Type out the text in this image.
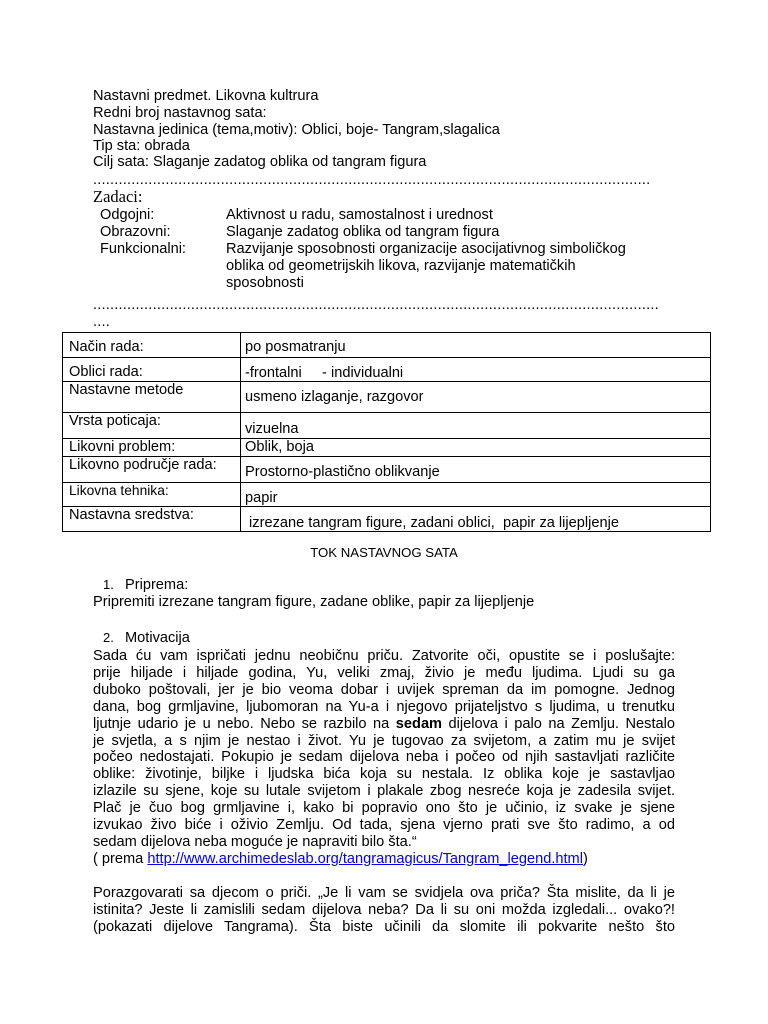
Nastavni predmet. Likovna kultrura
Redni broj nastavnog sata:
Nastavna jedinica (tema,motiv): Oblici, boje- Tangram,slagalica
Tip sta: obrada
Cilj sata: Slaganje zadatog oblika od tangram figura
...................................................................................................................................
Zadaci:
Odgojni:	Aktivnost u radu, samostalnost i urednost
Obrazovni:	Slaganje zadatog oblika od tangram figura
Funkcionalni:	Razvijanje sposobnosti organizacije asocijativnog simboličkog
oblika od geometrijskih likova, razvijanje matematičkih
sposobnosti
.....................................................................................................................................
....
Način rada:	po posmatranju
Oblici rada:	-frontalni     - individualni
Nastavne metode	usmeno izlaganje, razgovor
Vrsta poticaja:	vizuelna
Likovni problem:	Oblik, boja
Likovno područje rada:	Prostorno-plastično oblikvanje
Likovna tehnika:	papir
Nastavna sredstva:	izrezane tangram figure, zadani oblici,  papir za lijepljenje
TOK NASTAVNOG SATA
1. Priprema:
Pripremiti izrezane tangram figure, zadane oblike, papir za lijepljenje
2. Motivacija
Sada ću vam ispričati jednu neobičnu priču. Zatvorite oči, opustite se i poslušajte:
prije hiljade i hiljade godina, Yu, veliki zmaj, živio je među ljudima. Ljudi su ga
duboko poštovali, jer je bio veoma dobar i uvijek spreman da im pomogne. Jednog
dana, bog grmljavine, ljubomoran na Yu-a i njegovo prijateljstvo s ljudima, u trenutku
ljutnje udario je u nebo. Nebo se razbilo na sedam dijelova i palo na Zemlju. Nestalo
je svjetla, a s njim je nestao i život. Yu je tugovao za svijetom, a zatim mu je svijet
počeo nedostajati. Pokupio je sedam dijelova neba i počeo od njih sastavljati različite
oblike: životinje, biljke i ljudska bića koja su nestala. Iz oblika koje je sastavljao
izlazile su sjene, koje su lutale svijetom i plakale zbog nesreće koja je zadesila svijet.
Plač je čuo bog grmljavine i, kako bi popravio ono što je učinio, iz svake je sjene
izvukao živo biće i oživio Zemlju. Od tada, sjena vjerno prati sve što radimo, a od
sedam dijelova neba moguće je napraviti bilo šta.“
( prema http://www.archimedeslab.org/tangramagicus/Tangram_legend.html)
Porazgovarati sa djecom o priči. „Je li vam se svidjela ova priča? Šta mislite, da li je
istinita? Jeste li zamislili sedam dijelova neba? Da li su oni možda izgledali... ovako?!
(pokazati dijelove Tangrama). Šta biste učinili da slomite ili pokvarite nešto što
